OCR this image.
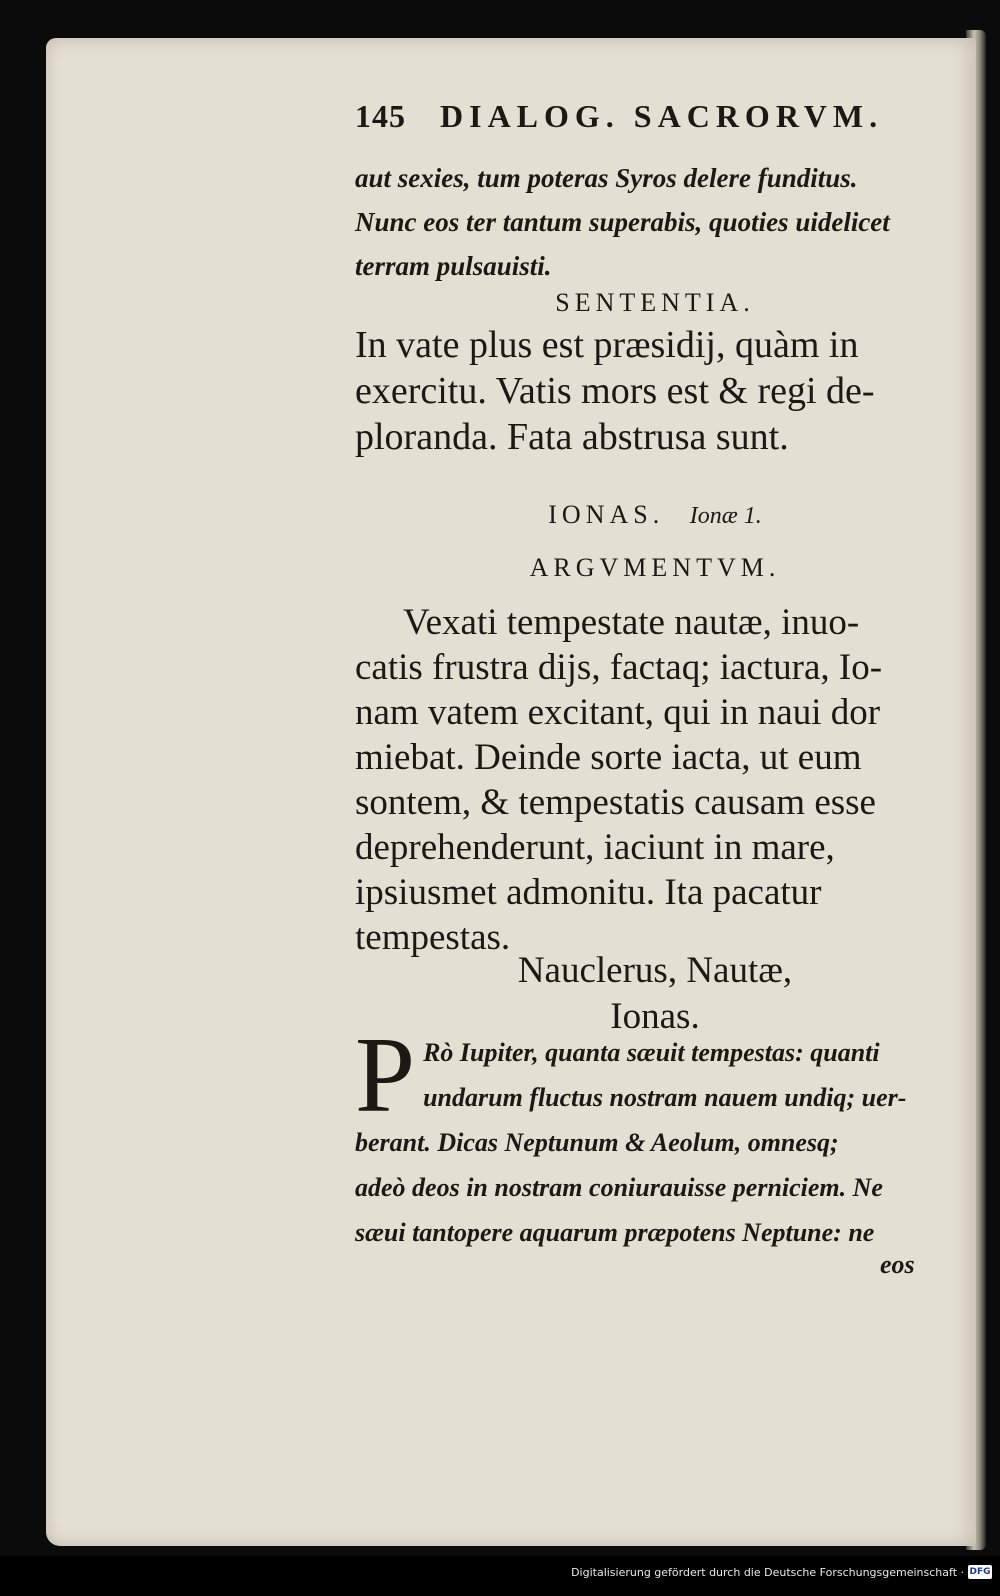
145 DIALOG. SACRORVM.
aut sexies, tum poteras Syros delere funditus.
Nunc eos ter tantum superabis, quoties uidelicet
terram pulsauisti.
SENTENTIA.
In vate plus est præsidij, quàm in
exercitu. Vatis mors est & regi de-
ploranda. Fata abstrusa sunt.
IONAS. Ionæ 1.
ARGVMENTVM.
Vexati tempestate nautæ, inuo-
catis frustra dijs, factaq; iactura, Io-
nam vatem excitant, qui in naui dor
miebat. Deinde sorte iacta, ut eum
sontem, & tempestatis causam esse
deprehenderunt, iaciunt in mare,
ipsiusmet admonitu. Ita pacatur
tempestas.
Nauclerus, Nautæ,
Ionas.
P Rò Iupiter, quanta sæuit tempestas: quanti
undarum fluctus nostram nauem undiq; uer-
berant. Dicas Neptunum & Aeolum, omnesq;
adeò deos in nostram coniurauisse perniciem. Ne
sæui tantopere aquarum præpotens Neptune: ne
eos
Digitalisierung gefördert durch die Deutsche Forschungsgemeinschaft · DFG
